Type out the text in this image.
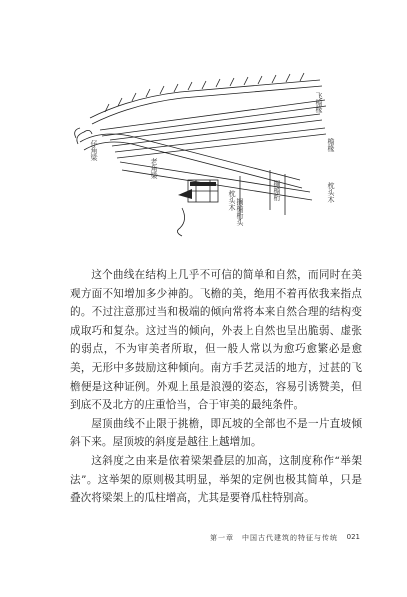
飞檐椽
檐椽
枕头木
仔角梁
老角梁
枕头木 搁檐桁头
搁檐桁

这个曲线在结构上几乎不可信的简单和自然，而同时在美观方面不知增加多少神韵。飞檐的美，绝用不着再依我来指点的。不过注意那过当和极端的倾向常将本来自然合理的结构变成取巧和复杂。这过当的倾向，外表上自然也呈出脆弱、虚张的弱点，不为审美者所取，但一般人常以为愈巧愈繁必是愈美，无形中多鼓励这种倾向。南方手艺灵活的地方，过甚的飞檐便是这种证例。外观上虽是浪漫的姿态，容易引诱赞美，但到底不及北方的庄重恰当，合于审美的最纯条件。

屋顶曲线不止限于挑檐，即瓦坡的全部也不是一片直坡倾斜下来。屋顶坡的斜度是越往上越增加。

这斜度之由来是依着梁架叠层的加高，这制度称作“举架法”。这举架的原则极其明显，举架的定例也极其简单，只是叠次将梁架上的瓜柱增高，尤其是要脊瓜柱特别高。

第一章　中国古代建筑的特征与传统 021
